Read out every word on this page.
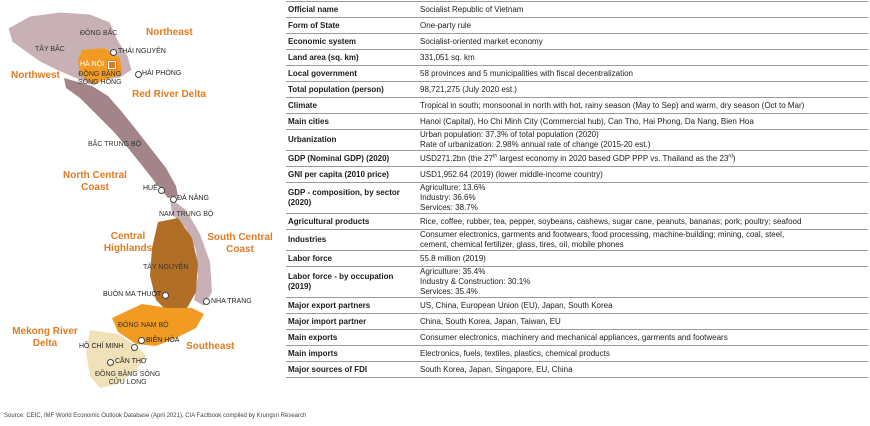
Northeast
Northwest
Red River Delta
North Central Coast
Central Highlands
South Central Coast
Mekong River Delta	Southeast
ĐÔNG BẮC
TÂY BẮC
ĐỒNG BẰNG
SÔNG HỒNG
BẮC TRUNG BỘ
NAM TRUNG BỘ
TÂY NGUYÊN
ĐÔNG NAM BỘ
ĐỒNG BẰNG SÔNG
CỬU LONG
THÁI NGUYÊN
HÀ NỘI
HẢI PHÒNG
HUẾ
ĐÀ NẴNG
BUÔN MA THUỘT
NHA TRANG
BIÊN HÒA
HỒ CHÍ MINH
CẦN THƠ
Official name	Socialist Republic of Vietnam
Form of State	One-party rule
Economic system	Socialist-oriented market economy
Land area (sq. km)	331,051 sq. km
Local government	58 provinces and 5 municipalities with fiscal decentralization
Total population (person)	98,721,275 (July 2020 est.)
Climate	Tropical in south; monsoonal in north with hot, rainy season (May to Sep) and warm, dry season (Oct to Mar)
Main cities	Hanoi (Capital), Ho Chi Minh City (Commercial hub), Can Tho, Hai Phong, Da Nang, Bien Hoa
Urbanization	Urban population: 37.3% of total population (2020)
Rate of urbanization: 2.98% annual rate of change (2015-20 est.)

GDP (Nominal GDP) (2020)	USD271.2bn (the 27th largest economy in 2020 based GDP PPP vs. Thailand as the 23rd)
GNI per capita (2010 price)	USD1,952.64 (2019) (lower middle-income country)
GDP - composition, by sector (2020)	Agriculture: 13.6%
Industry: 36.6%
Services: 38.7%

Agricultural products	Rice, coffee, rubber, tea, pepper, soybeans, cashews, sugar cane, peanuts, bananas; pork; poultry; seafood
Industries	Consumer electronics, garments and footwears, food processing, machine-building; mining, coal, steel,
cement, chemical fertilizer, glass, tires, oil, mobile phones

Labor force	55.8 million (2019)
Labor force - by occupation (2019)	Agriculture: 35.4%
Industry & Construction: 30.1%
Services: 35.4%

Major export partners	US, China, European Union (EU), Japan, South Korea
Major import partner	China, South Korea, Japan, Taiwan, EU
Main exports	Consumer electronics, machinery and mechanical appliances, garments and footwears
Main imports	Electronics, fuels, textiles, plastics, chemical products
Major sources of FDI	South Korea, Japan, Singapore, EU, China
Source: CEIC, IMF World Economic Outlook Database (April 2021), CIA Factbook compiled by Krungsri Research
